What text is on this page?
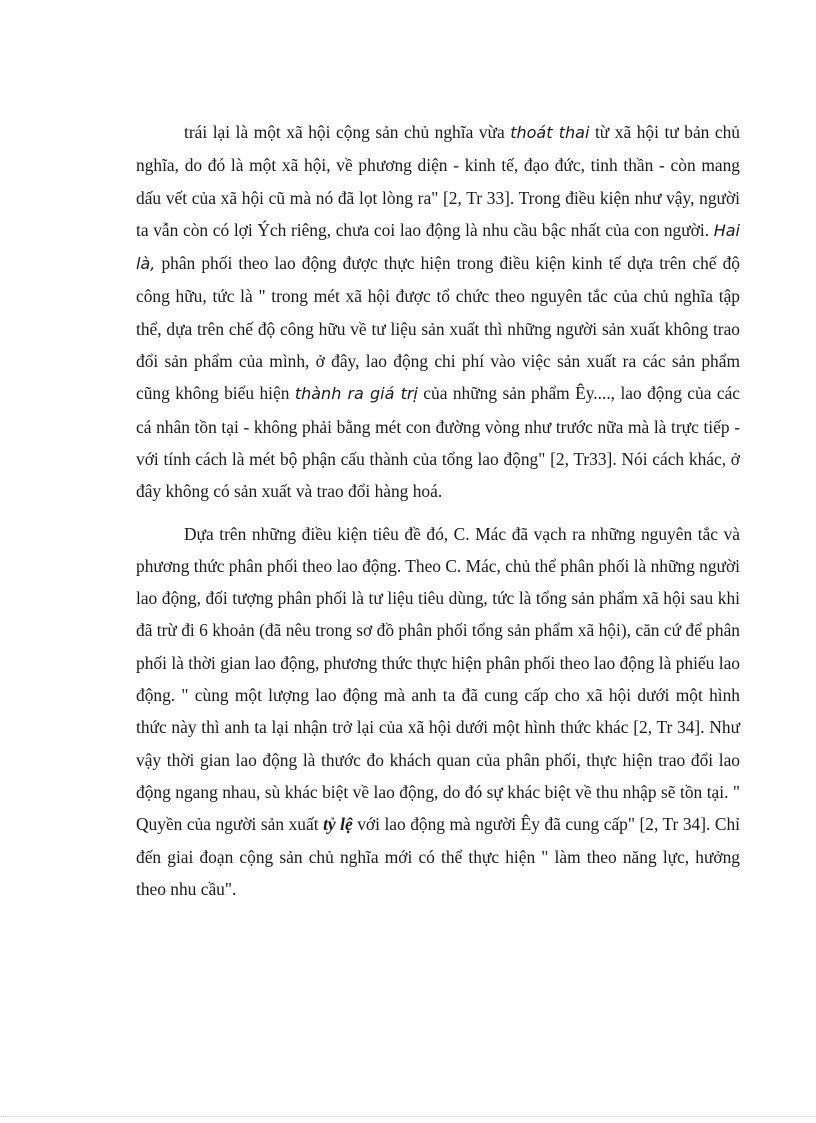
trái lại là một xã hội cộng sản chủ nghĩa vừa thoát thai từ xã hội tư bản chủ nghĩa, do đó là một xã hội, về phương diện - kinh tế, đạo đức, tinh thần - còn mang dấu vết của xã hội cũ mà nó đã lọt lòng ra" [2, Tr 33]. Trong điều kiện như vậy, người ta vẫn còn có lợi Ých riêng, chưa coi lao động là nhu cầu bậc nhất của con người. Hai là, phân phối theo lao động được thực hiện trong điều kiện kinh tế dựa trên chế độ công hữu, tức là " trong mét xã hội được tổ chức theo nguyên tắc của chủ nghĩa tập thể, dựa trên chế độ công hữu về tư liệu sản xuất thì những người sản xuất không trao đổi sản phẩm của mình, ở đây, lao động chi phí vào việc sản xuất ra các sản phẩm cũng không biểu hiện thành ra giá trị của những sản phẩm Êy...., lao động của các cá nhân tồn tại - không phải bằng mét con đường vòng như trước nữa mà là trực tiếp - với tính cách là mét bộ phận cấu thành của tổng lao động" [2, Tr33]. Nói cách khác, ở đây không có sản xuất và trao đổi hàng hoá.

Dựa trên những điều kiện tiêu đề đó, C. Mác đã vạch ra những nguyên tắc và phương thức phân phối theo lao động. Theo C. Mác, chủ thể phân phối là những người lao động, đối tượng phân phối là tư liệu tiêu dùng, tức là tổng sản phẩm xã hội sau khi đã trừ đi 6 khoản (đã nêu trong sơ đồ phân phối tổng sản phẩm xã hội), căn cứ để phân phối là thời gian lao động, phương thức thực hiện phân phối theo lao động là phiếu lao động. " cùng một lượng lao động mà anh ta đã cung cấp cho xã hội dưới một hình thức này thì anh ta lại nhận trở lại của xã hội dưới một hình thức khác [2, Tr 34]. Như vậy thời gian lao động là thước đo khách quan của phân phối, thực hiện trao đổi lao động ngang nhau, sù khác biệt về lao động, do đó sự khác biệt về thu nhập sẽ tồn tại. " Quyền của người sản xuất tỷ lệ với lao động mà người Êy đã cung cấp" [2, Tr 34]. Chỉ đến giai đoạn cộng sản chủ nghĩa mới có thể thực hiện " làm theo năng lực, hưởng theo nhu cầu".
